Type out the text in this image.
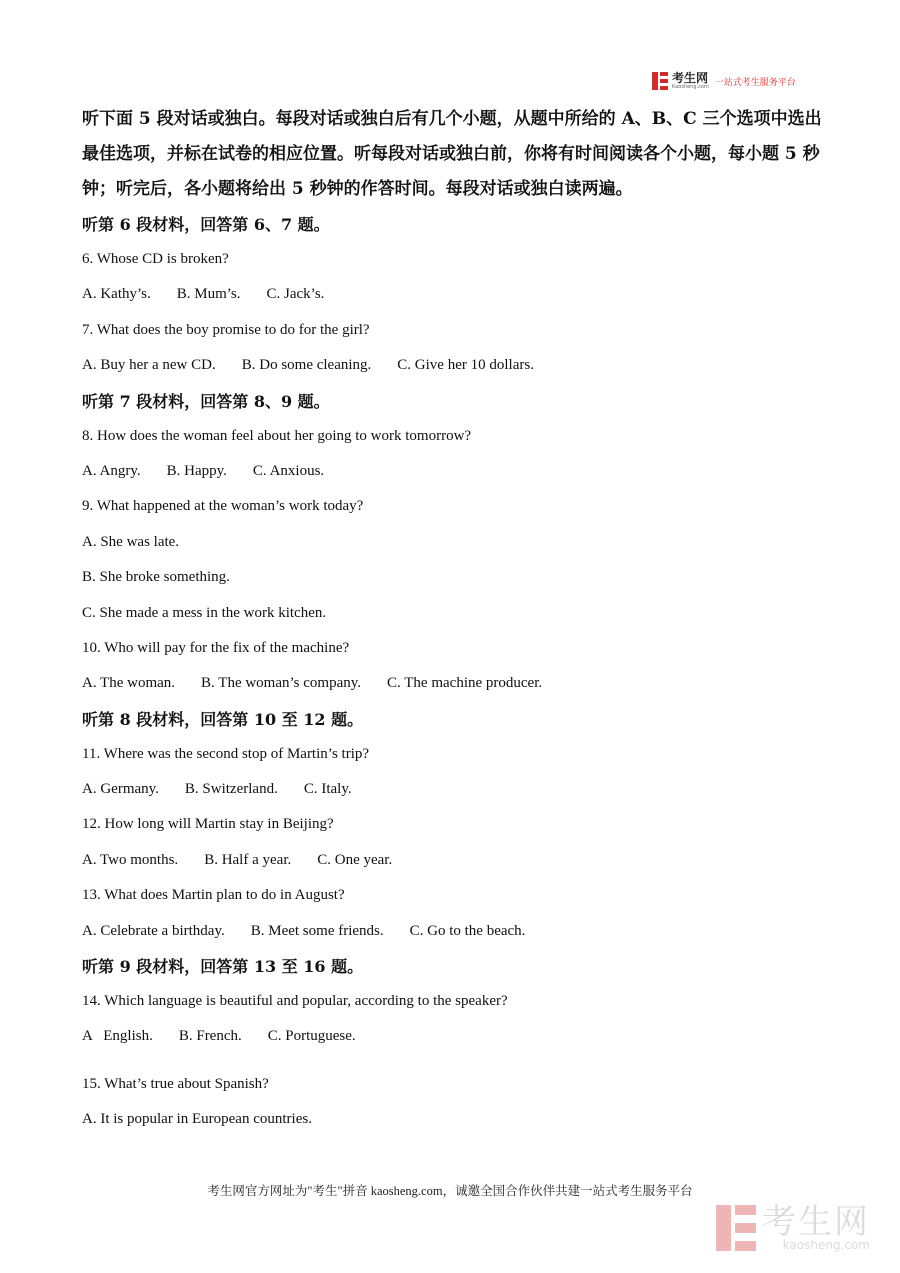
考生网
Kaosheng.com 一站式考生服务平台

听下面 5 段对话或独白。每段对话或独白后有几个小题，从题中所给的 A、B、C 三个选项中选出最佳选项，并标在试卷的相应位置。听每段对话或独白前，你将有时间阅读各个小题，每小题 5 秒钟；听完后，各小题将给出 5 秒钟的作答时间。每段对话或独白读两遍。

听第 6 段材料，回答第 6、7 题。

6. Whose CD is broken?

A. Kathy’s. B. Mum’s. C. Jack’s.

7. What does the boy promise to do for the girl?

A. Buy her a new CD. B. Do some cleaning. C. Give her 10 dollars.

听第 7 段材料，回答第 8、9 题。

8. How does the woman feel about her going to work tomorrow?

A. Angry. B. Happy. C. Anxious.

9. What happened at the woman’s work today?

A. She was late.

B. She broke something.

C. She made a mess in the work kitchen.

10. Who will pay for the fix of the machine?

A. The woman. B. The woman’s company. C. The machine producer.

听第 8 段材料，回答第 10 至 12 题。

11. Where was the second stop of Martin’s trip?

A. Germany. B. Switzerland. C. Italy.

12. How long will Martin stay in Beijing?

A. Two months. B. Half a year. C. One year.

13. What does Martin plan to do in August?

A. Celebrate a birthday. B. Meet some friends. C. Go to the beach.

听第 9 段材料，回答第 13 至 16 题。

14. Which language is beautiful and popular, according to the speaker?

A   English. B. French. C. Portuguese.

15. What’s true about Spanish?

A. It is popular in European countries.

考生网官方网址为"考生"拼音 kaosheng.com，诚邀全国合作伙伴共建一站式考生服务平台
考生网
kaosheng.com
